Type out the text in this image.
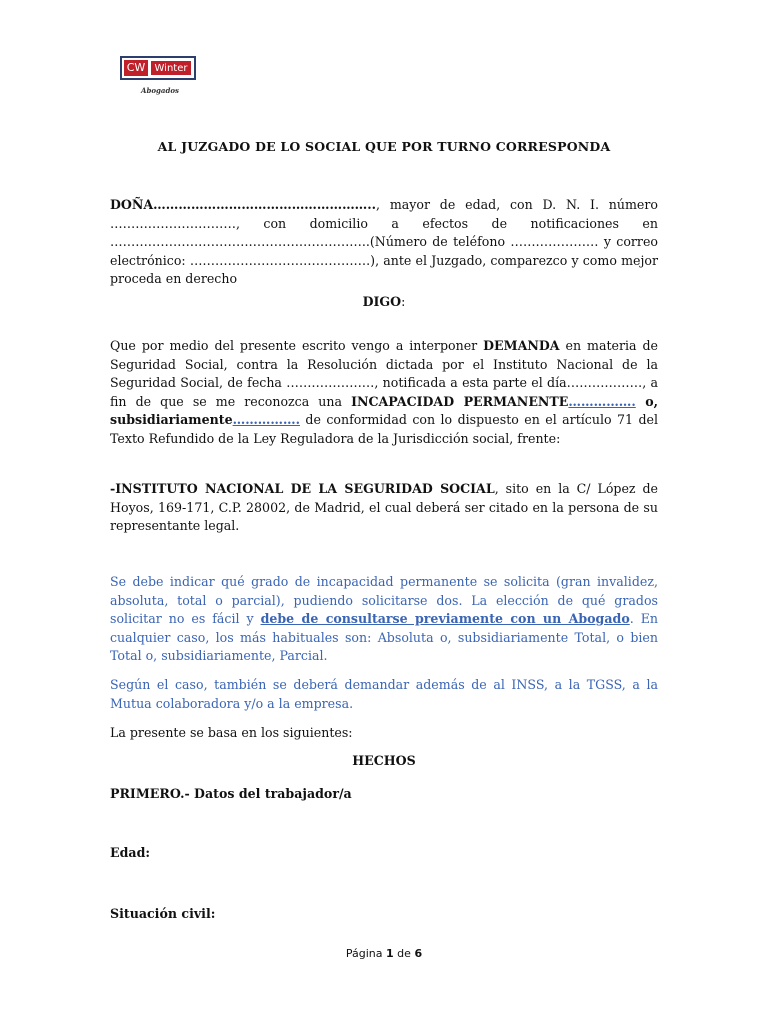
CW Winter
Abogados
AL JUZGADO DE LO SOCIAL QUE POR TURNO CORRESPONDA
DOÑA…………………………………………….., mayor de edad, con D. N. I. número …………………………, con domicilio a efectos de notificaciones en ……………………………………………………..(Número de teléfono ………………… y correo electrónico: …………………………………….), ante el Juzgado, comparezco y como mejor proceda en derecho
DIGO:
Que por medio del presente escrito vengo a interponer DEMANDA en materia de Seguridad Social, contra la Resolución dictada por el Instituto Nacional de la Seguridad Social, de fecha …………………, notificada a esta parte el día………………, a fin de que se me reconozca una INCAPACIDAD PERMANENTE……………. o, subsidiariamente……………. de conformidad con lo dispuesto en el artículo 71 del Texto Refundido de la Ley Reguladora de la Jurisdicción social, frente:
-INSTITUTO NACIONAL DE LA SEGURIDAD SOCIAL, sito en la C/ López de Hoyos, 169-171, C.P. 28002, de Madrid, el cual deberá ser citado en la persona de su representante legal.
Se debe indicar qué grado de incapacidad permanente se solicita (gran invalidez, absoluta, total o parcial), pudiendo solicitarse dos. La elección de qué grados solicitar no es fácil y debe de consultarse previamente con un Abogado. En cualquier caso, los más habituales son: Absoluta o, subsidiariamente Total, o bien Total o, subsidiariamente, Parcial.
Según el caso, también se deberá demandar además de al INSS, a la TGSS, a la Mutua colaboradora y/o a la empresa.
La presente se basa en los siguientes:
HECHOS
PRIMERO.- Datos del trabajador/a
Edad:
Situación civil:
Página 1 de 6
